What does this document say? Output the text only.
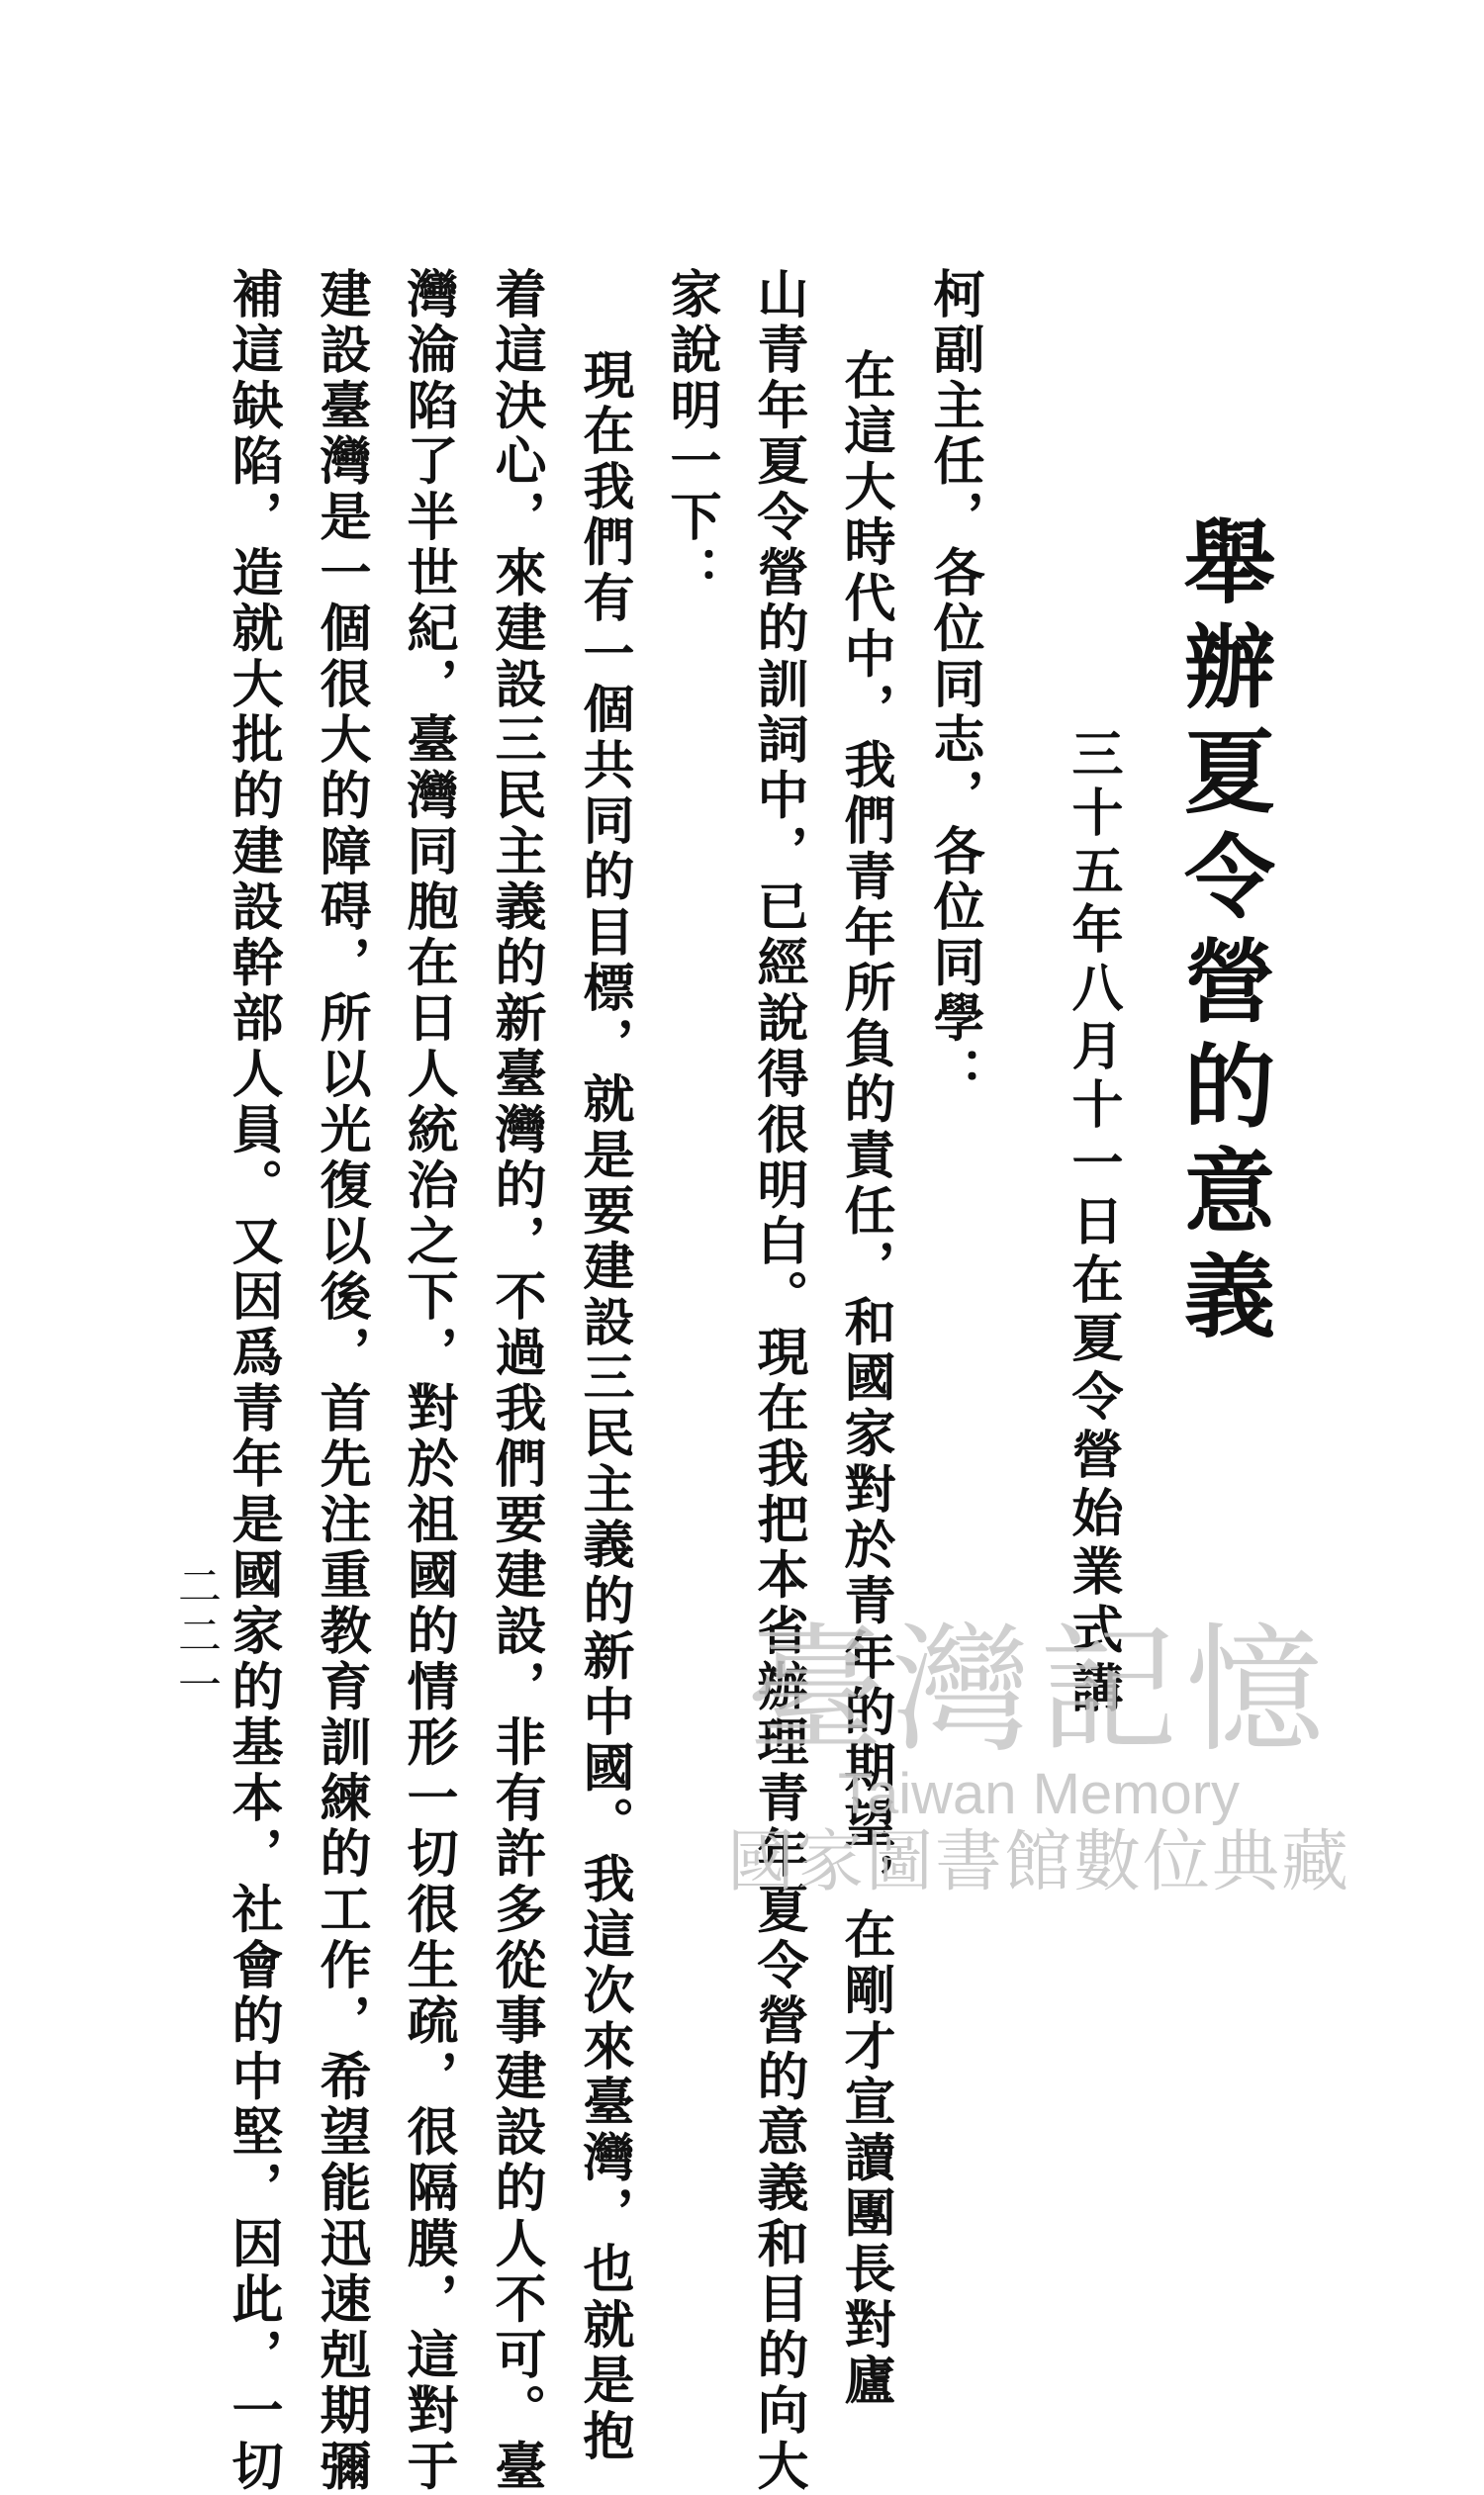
舉辦夏令營的意義
三十五年八月十一日在夏令營始業式講
柯副主任，各位同志，各位同學：
在這大時代中，我們青年所負的責任，和國家對於青年的期望，在剛才宣讀團長對廬
山青年夏令營的訓詞中，已經說得很明白。現在我把本省辦理青年夏令營的意義和目的向大
家說明一下：
現在我們有一個共同的目標，就是要建設三民主義的新中國。我這次來臺灣，也就是抱
着這決心，來建設三民主義的新臺灣的，不過我們要建設，非有許多從事建設的人不可。臺
灣淪陷了半世紀，臺灣同胞在日人統治之下，對於祖國的情形一切很生疏，很隔膜，這對于
建設臺灣是一個很大的障碍，所以光復以後，首先注重教育訓練的工作，希望能迅速剋期彌
補這缺陷，造就大批的建設幹部人員。又因爲青年是國家的基本，社會的中堅，因此，一切
二二一	臺灣記憶
Taiwan Memory
國家圖書館數位典藏
